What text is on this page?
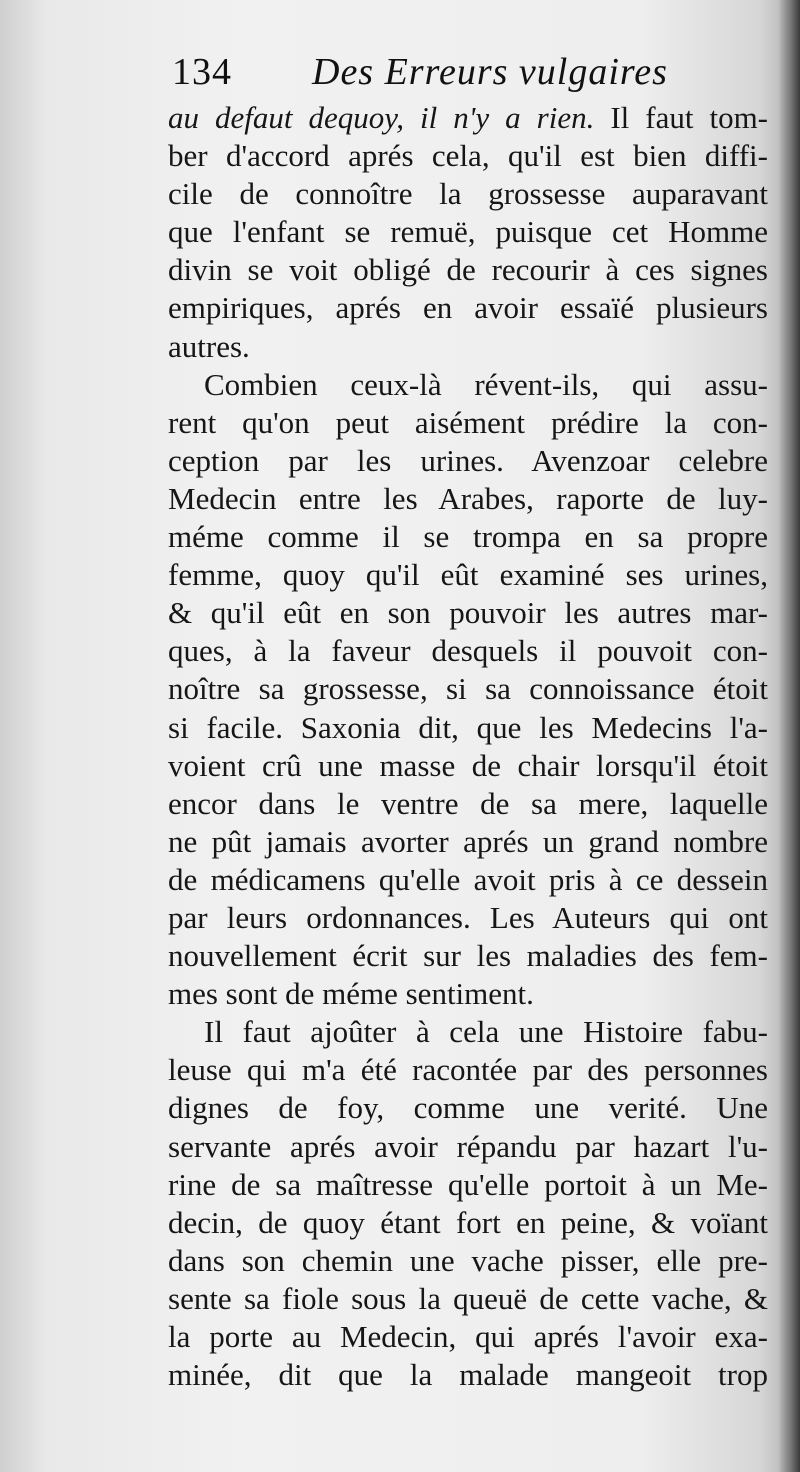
134 Des Erreurs vulgaires
au defaut dequoy, il n'y a rien. Il faut tom-
ber d'accord aprés cela, qu'il est bien diffi-
cile de connoître la grossesse auparavant
que l'enfant se remuë, puisque cet Homme
divin se voit obligé de recourir à ces signes
empiriques, aprés en avoir essaïé plusieurs
autres.
Combien ceux-là révent-ils, qui assu-
rent qu'on peut aisément prédire la con-
ception par les urines. Avenzoar celebre
Medecin entre les Arabes, raporte de luy-
méme comme il se trompa en sa propre
femme, quoy qu'il eût examiné ses urines,
& qu'il eût en son pouvoir les autres mar-
ques, à la faveur desquels il pouvoit con-
noître sa grossesse, si sa connoissance étoit
si facile. Saxonia dit, que les Medecins l'a-
voient crû une masse de chair lorsqu'il étoit
encor dans le ventre de sa mere, laquelle
ne pût jamais avorter aprés un grand nombre
de médicamens qu'elle avoit pris à ce dessein
par leurs ordonnances. Les Auteurs qui ont
nouvellement écrit sur les maladies des fem-
mes sont de méme sentiment.
Il faut ajoûter à cela une Histoire fabu-
leuse qui m'a été racontée par des personnes
dignes de foy, comme une verité. Une
servante aprés avoir répandu par hazart l'u-
rine de sa maîtresse qu'elle portoit à un Me-
decin, de quoy étant fort en peine, & voïant
dans son chemin une vache pisser, elle pre-
sente sa fiole sous la queuë de cette vache, &
la porte au Medecin, qui aprés l'avoir exa-
minée, dit que la malade mangeoit trop
